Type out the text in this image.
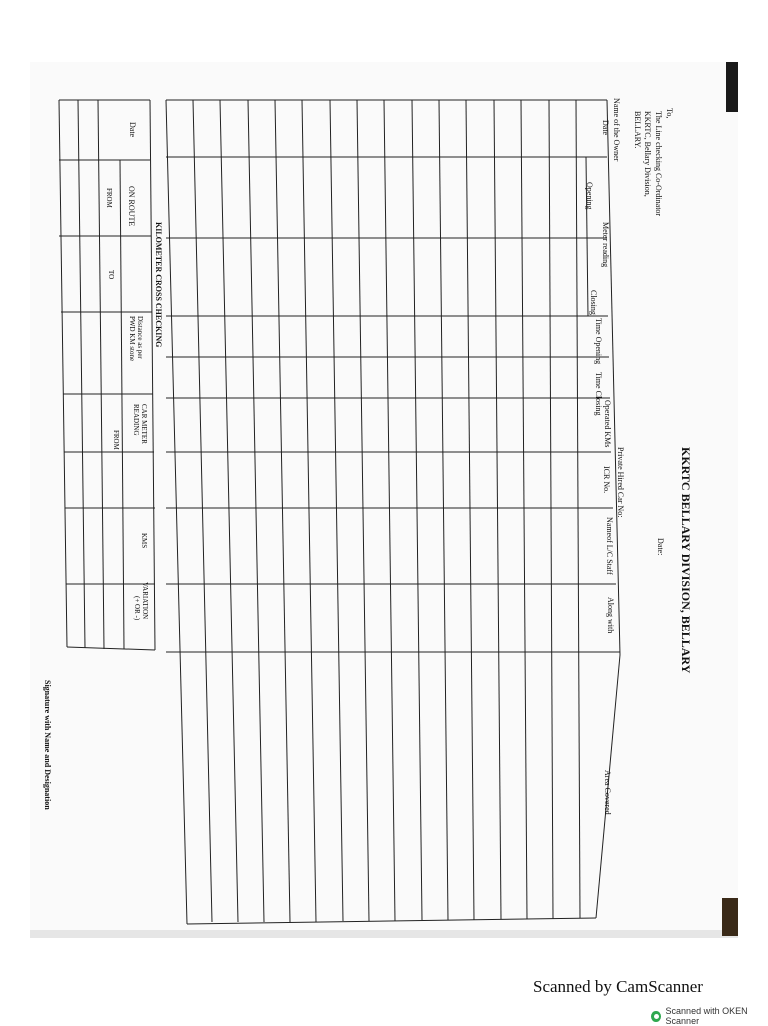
KKRTC BELLARY DIVISION, BELLARY
Date:
To,
The Line checking Co-Ordinator
KKRTC, Bellary Division,
BELLARY.
Name of the Owner
Private Hired Car No:
Date
Meter reading
Opening
Closing
Time Opening
Time Closing
Operated KMs
ICR No.
Nameof L/C Staff
Along with
Area Covered
KILOMETER CROSS CHECKING
Date
ON ROUTE
FROM
TO
Distance as per PWD KM stone
CAR METER READING
FROM
KMS
VARIATION
(+ OR -)
Signature with Name and Designation
Scanned by CamScanner
Scanned with OKEN Scanner
